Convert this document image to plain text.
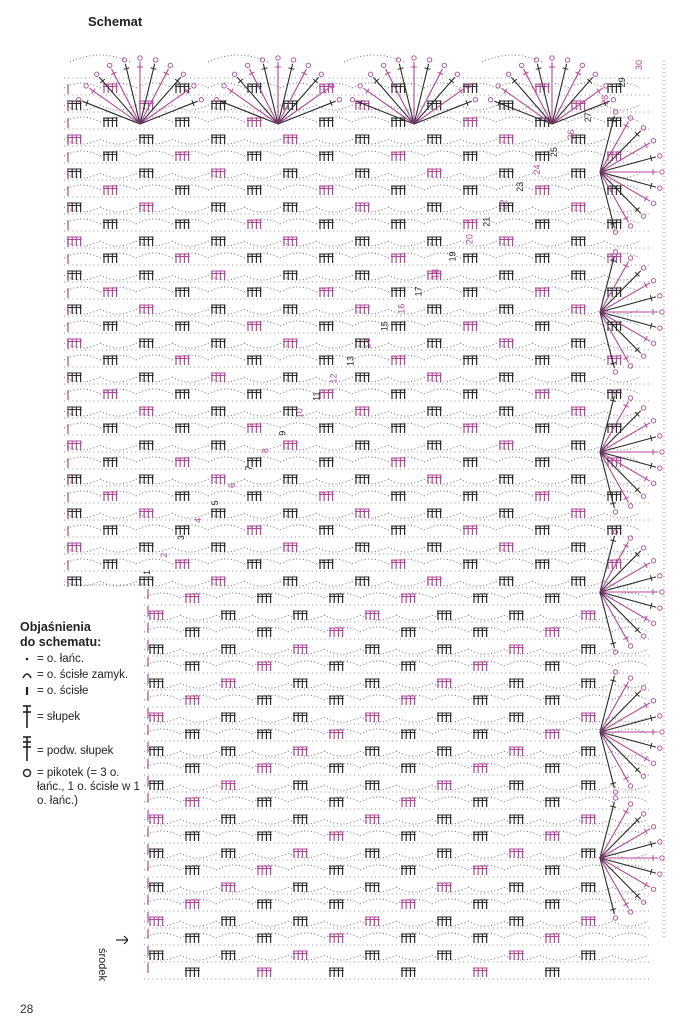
Schemat
1
2
3
4
5
6
7
8
9
10
11
12
13
14
15
16
17
18
19
20
21
22
23
24
25
26
27
28
29
30
Objaśnienia
do schematu:
= o. łańc.
= o. ścisłe zamyk.
= o. ścisłe
= słupek
= podw. słupek
= pikotek (= 3 o. łańc., 1 o. ścisłe w 1 o. łańc.)
środek
28
